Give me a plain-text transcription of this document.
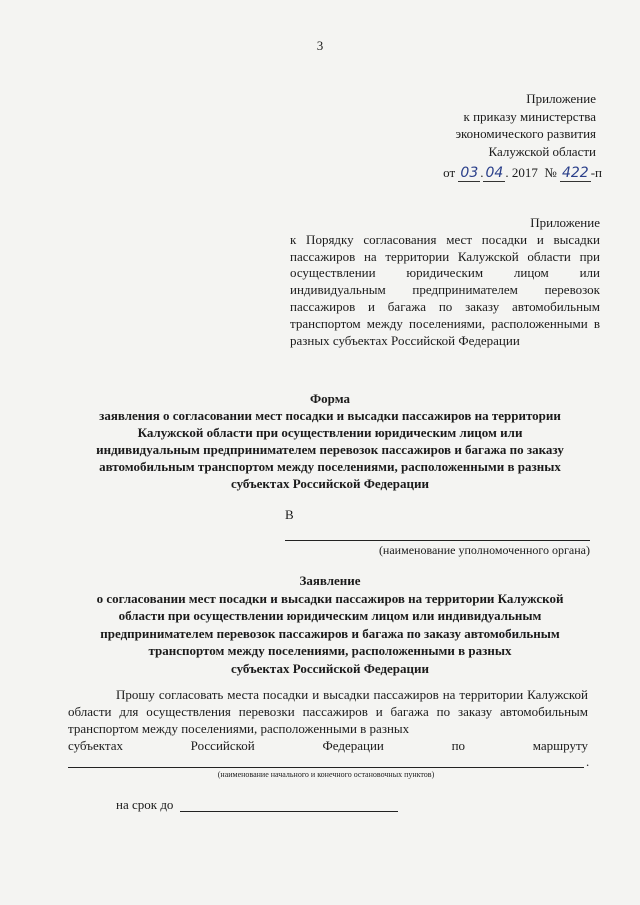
3
Приложение
к приказу министерства
экономического развития
Калужской области
от 03 . 04 . 2017 № 422 -п
Приложение
к Порядку согласования мест посадки и высадки пассажиров на территории Калужской области при осуществлении юридическим лицом или индивидуальным предпринимателем перевозок пассажиров и багажа по заказу автомобильным транспортом между поселениями, расположенными в разных субъектах Российской Федерации
Форма
заявления о согласовании мест посадки и высадки пассажиров на территории
Калужской области при осуществлении юридическим лицом или
индивидуальным предпринимателем перевозок пассажиров и багажа по заказу
автомобильным транспортом между поселениями, расположенными в разных
субъектах Российской Федерации
В
(наименование уполномоченного органа)
Заявление
о согласовании мест посадки и высадки пассажиров на территории Калужской
области при осуществлении юридическим лицом или индивидуальным
предпринимателем перевозок пассажиров и багажа по заказу автомобильным
транспортом между поселениями, расположенными в разных
субъектах Российской Федерации
Прошу согласовать места посадки и высадки пассажиров на территории Калужской области для осуществления перевозки пассажиров и багажа по заказу автомобильным транспортом между поселениями, расположенными в разных
субъектах Российской Федерации по маршруту
.
(наименование начального и конечного остановочных пунктов)
на срок до
